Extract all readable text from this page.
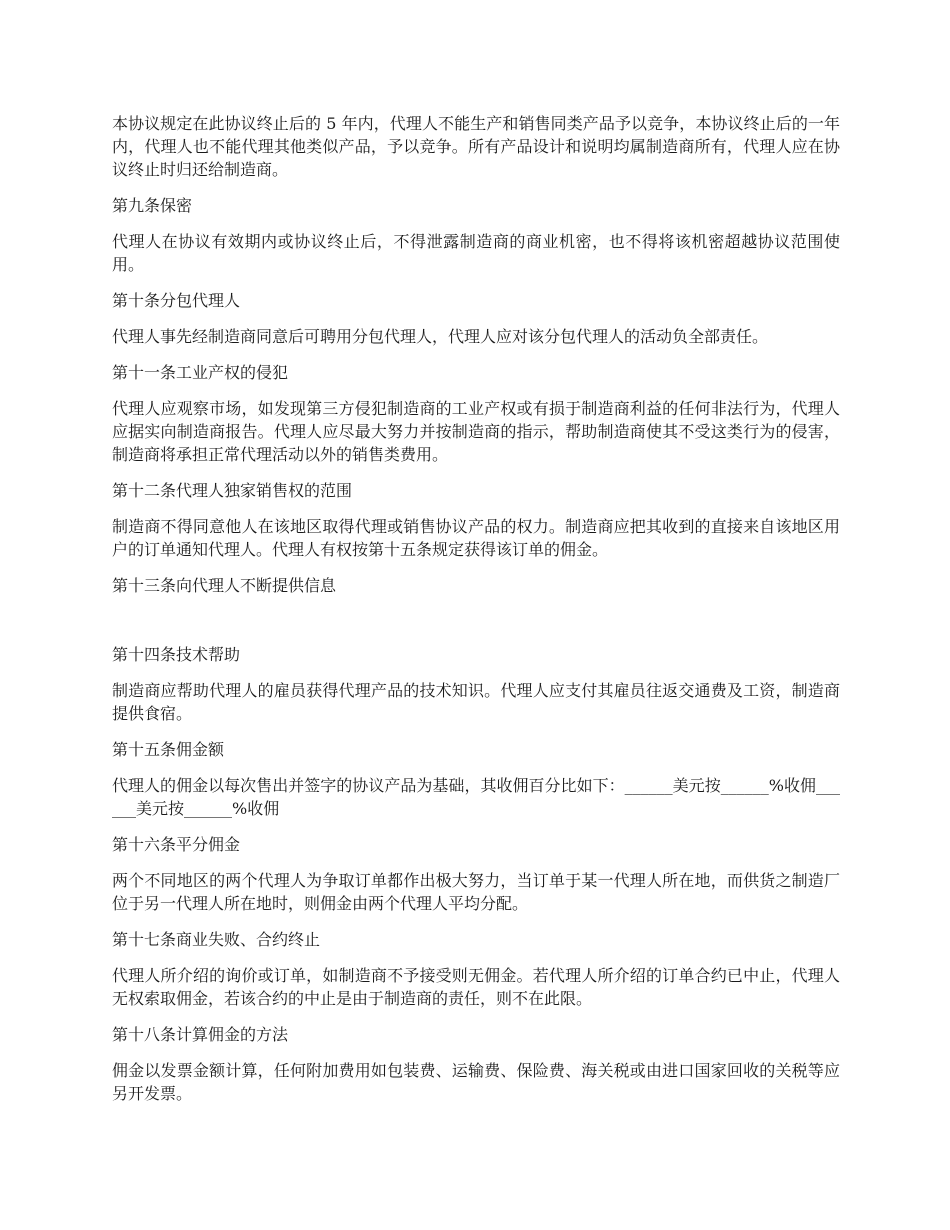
本协议规定在此协议终止后的 5 年内，代理人不能生产和销售同类产品予以竞争，本协议终止后的一年内，代理人也不能代理其他类似产品，予以竞争。所有产品设计和说明均属制造商所有，代理人应在协议终止时归还给制造商。

第九条保密

代理人在协议有效期内或协议终止后，不得泄露制造商的商业机密，也不得将该机密超越协议范围使用。

第十条分包代理人

代理人事先经制造商同意后可聘用分包代理人，代理人应对该分包代理人的活动负全部责任。

第十一条工业产权的侵犯

代理人应观察市场，如发现第三方侵犯制造商的工业产权或有损于制造商利益的任何非法行为，代理人应据实向制造商报告。代理人应尽最大努力并按制造商的指示，帮助制造商使其不受这类行为的侵害，制造商将承担正常代理活动以外的销售类费用。

第十二条代理人独家销售权的范围

制造商不得同意他人在该地区取得代理或销售协议产品的权力。制造商应把其收到的直接来自该地区用户的订单通知代理人。代理人有权按第十五条规定获得该订单的佣金。

第十三条向代理人不断提供信息

第十四条技术帮助

制造商应帮助代理人的雇员获得代理产品的技术知识。代理人应支付其雇员往返交通费及工资，制造商提供食宿。

第十五条佣金额

代理人的佣金以每次售出并签字的协议产品为基础，其收佣百分比如下：______美元按______%收佣______美元按______%收佣

第十六条平分佣金

两个不同地区的两个代理人为争取订单都作出极大努力，当订单于某一代理人所在地，而供货之制造厂位于另一代理人所在地时，则佣金由两个代理人平均分配。

第十七条商业失败、合约终止

代理人所介绍的询价或订单，如制造商不予接受则无佣金。若代理人所介绍的订单合约已中止，代理人无权索取佣金，若该合约的中止是由于制造商的责任，则不在此限。

第十八条计算佣金的方法

佣金以发票金额计算，任何附加费用如包装费、运输费、保险费、海关税或由进口国家回收的关税等应另开发票。
